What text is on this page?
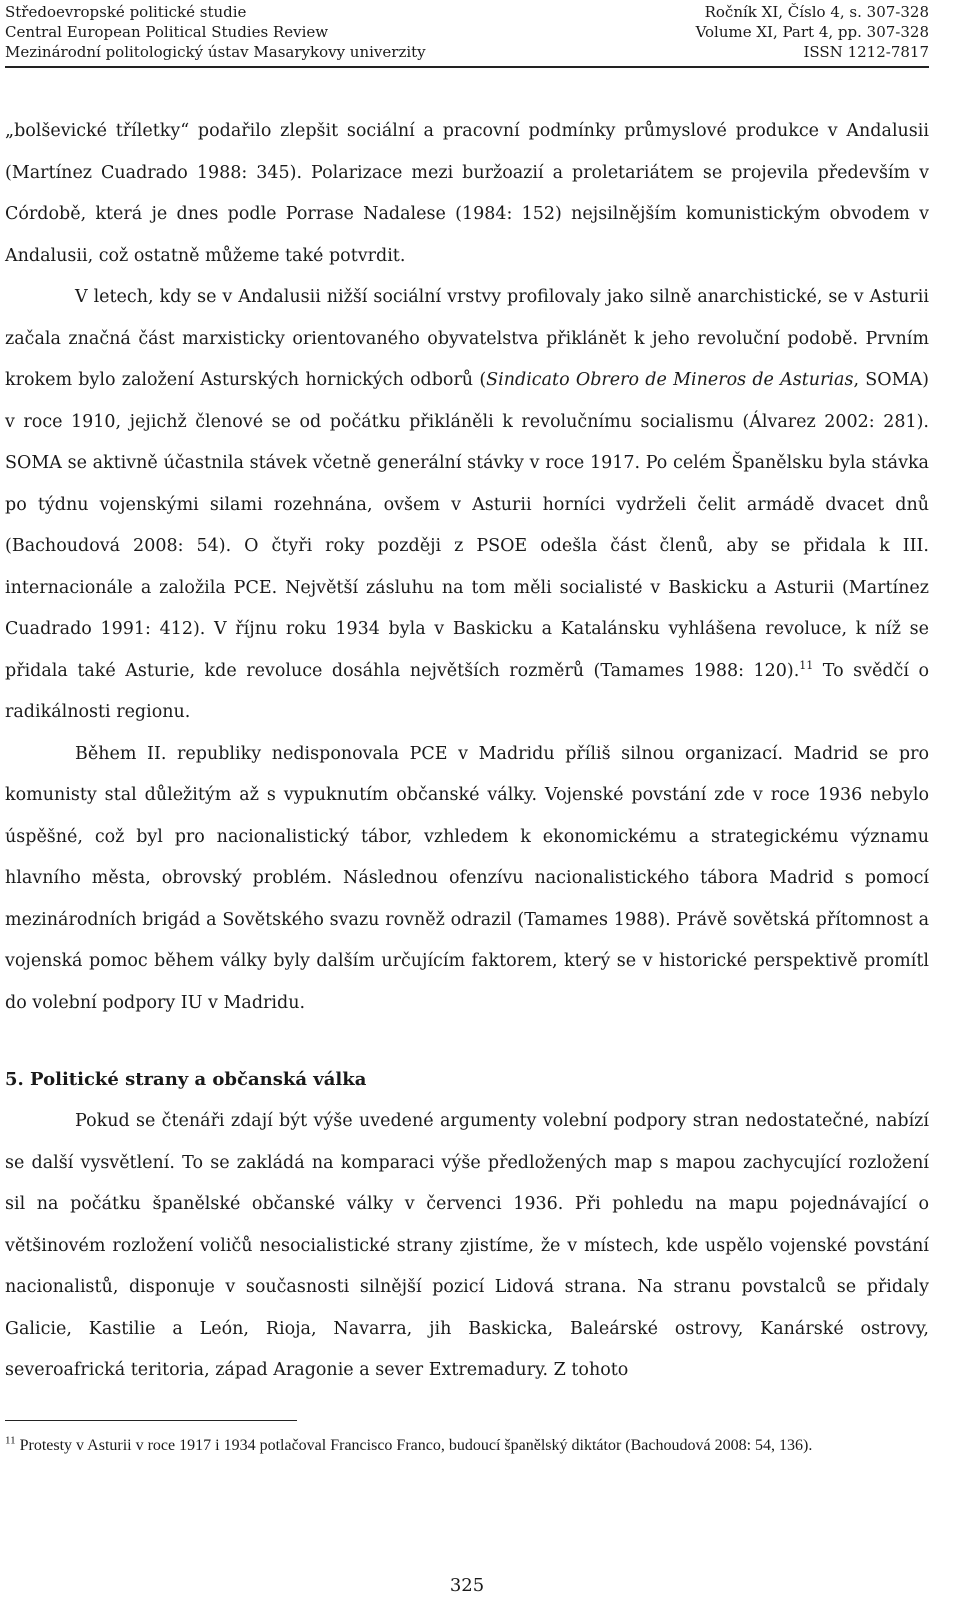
Středoevropské politické studie	Ročník XI, Číslo 4, s. 307-328
Central European Political Studies Review	Volume XI, Part 4, pp. 307-328
Mezinárodní politologický ústav Masarykovy univerzity	ISSN 1212-7817

„bolševické tříletky“ podařilo zlepšit sociální a pracovní podmínky průmyslové produkce v Andalusii (Martínez Cuadrado 1988: 345). Polarizace mezi buržoazií a proletariátem se projevila především v Córdobě, která je dnes podle Porrase Nadalese (1984: 152) nejsilnějším komunistickým obvodem v Andalusii, což ostatně můžeme také potvrdit.

V letech, kdy se v Andalusii nižší sociální vrstvy profilovaly jako silně anarchistické, se v Asturii začala značná část marxisticky orientovaného obyvatelstva přiklánět k jeho revoluční podobě. Prvním krokem bylo založení Asturských hornických odborů (Sindicato Obrero de Mineros de Asturias, SOMA) v roce 1910, jejichž členové se od počátku přikláněli k revolučnímu socialismu (Álvarez 2002: 281). SOMA se aktivně účastnila stávek včetně generální stávky v roce 1917. Po celém Španělsku byla stávka po týdnu vojenskými silami rozehnána, ovšem v Asturii horníci vydrželi čelit armádě dvacet dnů (Bachoudová 2008: 54). O čtyři roky později z PSOE odešla část členů, aby se přidala k III. internacionále a založila PCE. Největší zásluhu na tom měli socialisté v Baskicku a Asturii (Martínez Cuadrado 1991: 412). V říjnu roku 1934 byla v Baskicku a Katalánsku vyhlášena revoluce, k níž se přidala také Asturie, kde revoluce dosáhla největších rozměrů (Tamames 1988: 120).$^{11}$ To svědčí o radikálnosti regionu.

Během II. republiky nedisponovala PCE v Madridu příliš silnou organizací. Madrid se pro komunisty stal důležitým až s vypuknutím občanské války. Vojenské povstání zde v roce 1936 nebylo úspěšné, což byl pro nacionalistický tábor, vzhledem k ekonomickému a strategickému významu hlavního města, obrovský problém. Následnou ofenzívu nacionalistického tábora Madrid s pomocí mezinárodních brigád a Sovětského svazu rovněž odrazil (Tamames 1988). Právě sovětská přítomnost a vojenská pomoc během války byly dalším určujícím faktorem, který se v historické perspektivě promítl do volební podpory IU v Madridu.

5. Politické strany a občanská válka

Pokud se čtenáři zdají být výše uvedené argumenty volební podpory stran nedostatečné, nabízí se další vysvětlení. To se zakládá na komparaci výše předložených map s mapou zachycující rozložení sil na počátku španělské občanské války v červenci 1936. Při pohledu na mapu pojednávající o většinovém rozložení voličů nesocialistické strany zjistíme, že v místech, kde uspělo vojenské povstání nacionalistů, disponuje v současnosti silnější pozicí Lidová strana. Na stranu povstalců se přidaly Galicie, Kastilie a León, Rioja, Navarra, jih Baskicka, Baleárské ostrovy, Kanárské ostrovy, severoafrická teritoria, západ Aragonie a sever Extremadury. Z tohoto

$^{11}$ Protesty v Asturii v roce 1917 i 1934 potlačoval Francisco Franco, budoucí španělský diktátor (Bachoudová 2008: 54, 136).

325
